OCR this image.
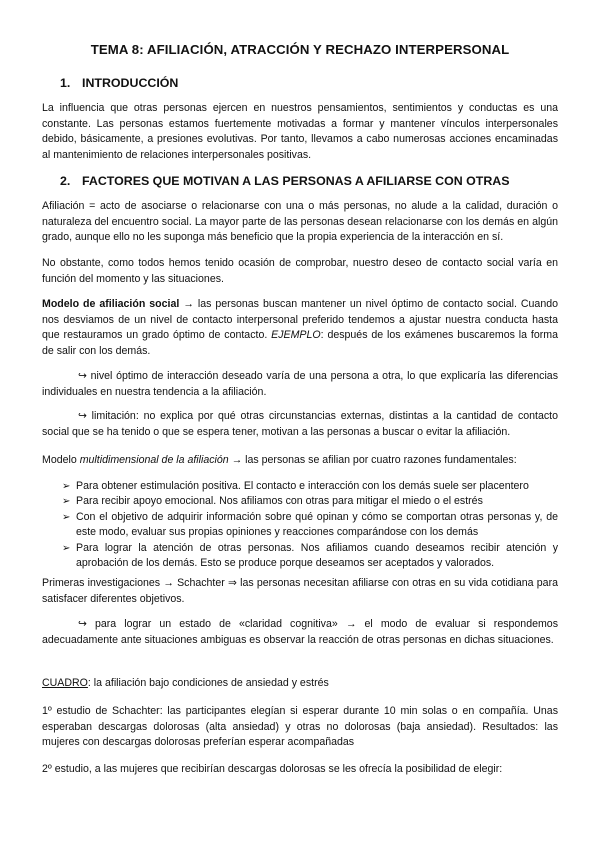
TEMA 8: AFILIACIÓN, ATRACCIÓN Y RECHAZO INTERPERSONAL
1. INTRODUCCIÓN
La influencia que otras personas ejercen en nuestros pensamientos, sentimientos y conductas es una constante. Las personas estamos fuertemente motivadas a formar y mantener vínculos interpersonales debido, básicamente, a presiones evolutivas. Por tanto, llevamos a cabo numerosas acciones encaminadas al mantenimiento de relaciones interpersonales positivas.
2. FACTORES QUE MOTIVAN A LAS PERSONAS A AFILIARSE CON OTRAS
Afiliación = acto de asociarse o relacionarse con una o más personas, no alude a la calidad, duración o naturaleza del encuentro social. La mayor parte de las personas desean relacionarse con los demás en algún grado, aunque ello no les suponga más beneficio que la propia experiencia de la interacción en sí.
No obstante, como todos hemos tenido ocasión de comprobar, nuestro deseo de contacto social varía en función del momento y las situaciones.
Modelo de afiliación social → las personas buscan mantener un nivel óptimo de contacto social. Cuando nos desviamos de un nivel de contacto interpersonal preferido tendemos a ajustar nuestra conducta hasta que restauramos un grado óptimo de contacto. EJEMPLO: después de los exámenes buscaremos la forma de salir con los demás.
↪ nivel óptimo de interacción deseado varía de una persona a otra, lo que explicaría las diferencias individuales en nuestra tendencia a la afiliación.
↪ limitación: no explica por qué otras circunstancias externas, distintas a la cantidad de contacto social que se ha tenido o que se espera tener, motivan a las personas a buscar o evitar la afiliación.
Modelo multidimensional de la afiliación → las personas se afilian por cuatro razones fundamentales:
➢ Para obtener estimulación positiva. El contacto e interacción con los demás suele ser placentero
➢ Para recibir apoyo emocional. Nos afiliamos con otras para mitigar el miedo o el estrés
➢ Con el objetivo de adquirir información sobre qué opinan y cómo se comportan otras personas y, de este modo, evaluar sus propias opiniones y reacciones comparándose con los demás
➢ Para lograr la atención de otras personas. Nos afiliamos cuando deseamos recibir atención y aprobación de los demás. Esto se produce porque deseamos ser aceptados y valorados.
Primeras investigaciones → Schachter ⇒ las personas necesitan afiliarse con otras en su vida cotidiana para satisfacer diferentes objetivos.
↪ para lograr un estado de «claridad cognitiva» → el modo de evaluar si respondemos adecuadamente ante situaciones ambiguas es observar la reacción de otras personas en dichas situaciones.
CUADRO: la afiliación bajo condiciones de ansiedad y estrés
1º estudio de Schachter: las participantes elegían si esperar durante 10 min solas o en compañía. Unas esperaban descargas dolorosas (alta ansiedad) y otras no dolorosas (baja ansiedad). Resultados: las mujeres con descargas dolorosas preferían esperar acompañadas
2º estudio, a las mujeres que recibirían descargas dolorosas se les ofrecía la posibilidad de elegir:
